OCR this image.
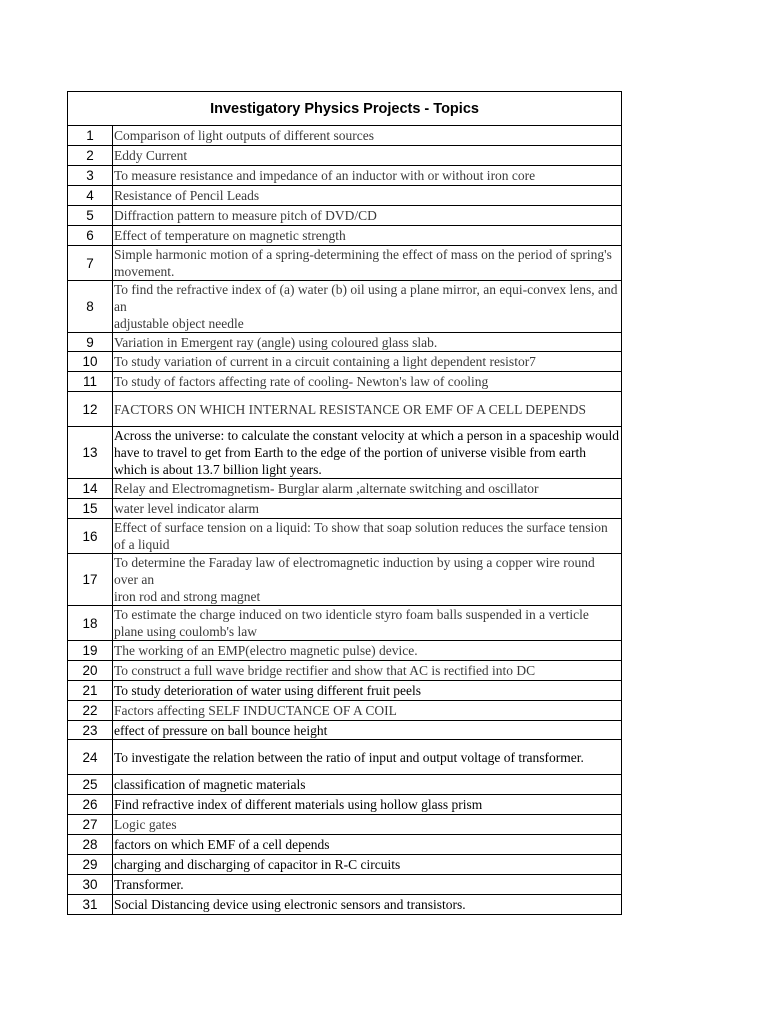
Investigatory Physics Projects - Topics	
1	Comparison of light outputs of different sources
2	Eddy Current
3	To measure resistance and impedance of an inductor with or without iron core
4	Resistance of Pencil Leads
5	Diffraction pattern to measure pitch of DVD/CD
6	Effect of temperature on magnetic strength
7	Simple harmonic motion of a spring-determining the effect of mass on the period of spring's movement.
8	To find the refractive index of (a) water (b) oil using a plane mirror, an equi-convex lens, and an
adjustable object needle
9	Variation in Emergent ray (angle) using coloured glass slab.
10	To study variation of current in a circuit containing a light dependent resistor7
11	To study of factors affecting rate of cooling- Newton's law of cooling
12	FACTORS ON WHICH INTERNAL RESISTANCE OR EMF OF A CELL DEPENDS
13	Across the universe: to calculate the constant velocity at which a person in a spaceship would have to travel to get from Earth to the edge of the portion of universe visible from earth which is about 13.7 billion light years.
14	Relay and Electromagnetism- Burglar alarm ,alternate switching and oscillator
15	water level indicator alarm
16	Effect of surface tension on a liquid: To show that soap solution reduces the surface tension of a liquid
17	To determine the Faraday law of electromagnetic induction by using a copper wire round over an
iron rod and strong magnet
18	To estimate the charge induced on two identicle styro foam balls suspended in a verticle plane using coulomb's law
19	The working of an EMP(electro magnetic pulse) device.
20	To construct a full wave bridge rectifier and show that AC is rectified into DC
21	To study deterioration of water using different fruit peels
22	Factors affecting SELF INDUCTANCE OF A COIL
23	effect of pressure on ball bounce height
24	To investigate the relation between the ratio of input and output voltage of transformer.
25	classification of magnetic materials
26	Find refractive index of different materials using hollow glass prism
27	Logic gates
28	factors on which EMF of a cell depends
29	charging and discharging of capacitor in R-C circuits
30	Transformer.
31	Social Distancing device using electronic sensors and transistors.
